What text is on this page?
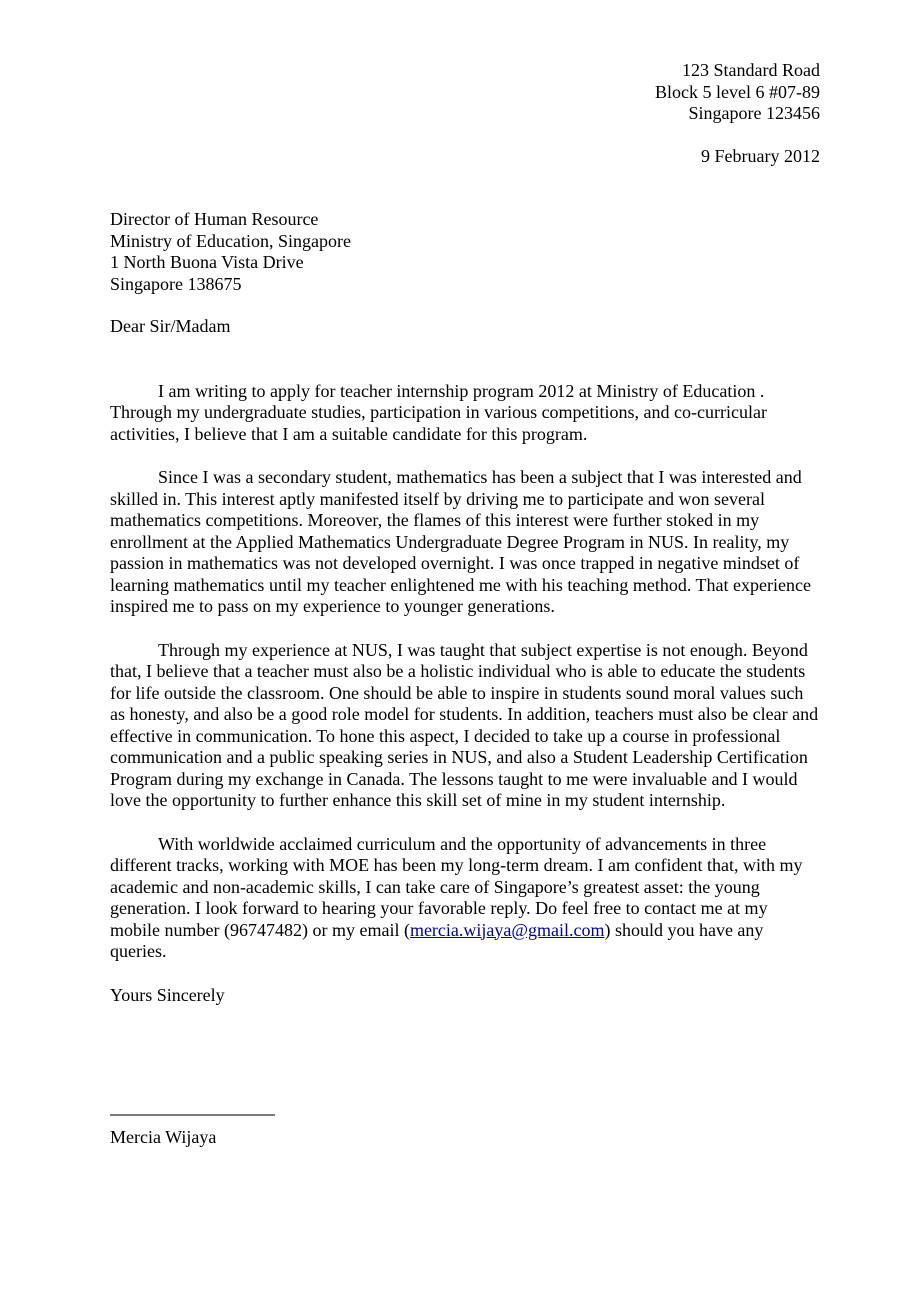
123 Standard Road
Block 5 level 6 #07-89
Singapore 123456
9 February 2012
Director of Human Resource
Ministry of Education, Singapore
1 North Buona Vista Drive
Singapore 138675
Dear Sir/Madam

I am writing to apply for teacher internship program 2012 at Ministry of Education . Through my undergraduate studies, participation in various competitions, and co-curricular activities, I believe that I am a suitable candidate for this program.

Since I was a secondary student, mathematics has been a subject that I was interested and skilled in. This interest aptly manifested itself by driving me to participate and won several mathematics competitions. Moreover, the flames of this interest were further stoked in my enrollment at the Applied Mathematics Undergraduate Degree Program in NUS. In reality, my passion in mathematics was not developed overnight. I was once trapped in negative mindset of learning mathematics until my teacher enlightened me with his teaching method. That experience inspired me to pass on my experience to younger generations.

Through my experience at NUS, I was taught that subject expertise is not enough. Beyond that, I believe that a teacher must also be a holistic individual who is able to educate the students for life outside the classroom. One should be able to inspire in students sound moral values such as honesty, and also be a good role model for students. In addition, teachers must also be clear and effective in communication. To hone this aspect, I decided to take up a course in professional communication and a public speaking series in NUS, and also a Student Leadership Certification Program during my exchange in Canada. The lessons taught to me were invaluable and I would love the opportunity to further enhance this skill set of mine in my student internship.

With worldwide acclaimed curriculum and the opportunity of advancements in three different tracks, working with MOE has been my long-term dream. I am confident that, with my academic and non-academic skills, I can take care of Singapore’s greatest asset: the young generation. I look forward to hearing your favorable reply. Do feel free to contact me at my mobile number (96747482) or my email (mercia.wijaya@gmail.com) should you have any queries.

Yours Sincerely
Mercia Wijaya
